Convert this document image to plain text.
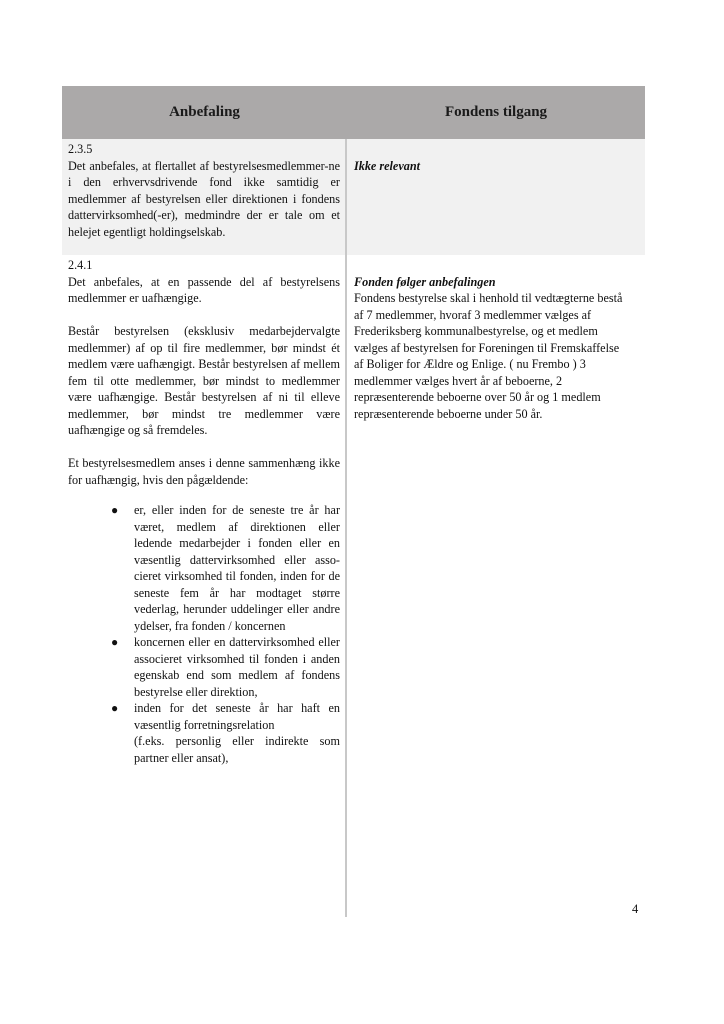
Anbefaling	Fondens tilgang
2.3.5
Det anbefales, at flertallet af bestyrelsesmedlemmer-ne i den erhvervsdrivende fond ikke samtidig er medlemmer af bestyrelsen eller direktionen i fondens dattervirksomhed(-er), medmindre der er tale om et helejet egentligt holdingselskab.
Ikke relevant
2.4.1
Det anbefales, at en passende del af bestyrelsens medlemmer er uafhængige.
Består bestyrelsen (eksklusiv medarbejdervalgte medlemmer) af op til fire medlemmer, bør mindst ét medlem være uafhængigt. Består bestyrelsen af mellem fem til otte medlemmer, bør mindst to medlemmer være uafhængige. Består bestyrelsen af ni til elleve medlemmer, bør mindst tre medlemmer være uafhængige og så fremdeles.
Et bestyrelsesmedlem anses i denne sammenhæng ikke for uafhængig, hvis den pågældende:
● er, eller inden for de seneste tre år har været, medlem af direktionen eller ledende medarbejder i fonden eller en væsentlig dattervirksomhed eller asso-cieret virksomhed til fonden, inden for de seneste fem år har modtaget større vederlag, herunder uddelinger eller andre ydelser, fra fonden / koncernen
● koncernen eller en dattervirksomhed eller associeret virksomhed til fonden i anden egenskab end som medlem af fondens bestyrelse eller direktion,
● inden for det seneste år har haft en væsentlig forretningsrelation
(f.eks. personlig eller indirekte som partner eller ansat),
Fonden følger anbefalingen
Fondens bestyrelse skal i henhold til vedtægterne bestå
af 7 medlemmer, hvoraf 3 medlemmer vælges af
Frederiksberg kommunalbestyrelse, og et medlem
vælges af bestyrelsen for Foreningen til Fremskaffelse
af Boliger for Ældre og Enlige. ( nu Frembo ) 3
medlemmer vælges hvert år af beboerne, 2
repræsenterende beboerne over 50 år og 1 medlem
repræsenterende beboerne under 50 år.
4
